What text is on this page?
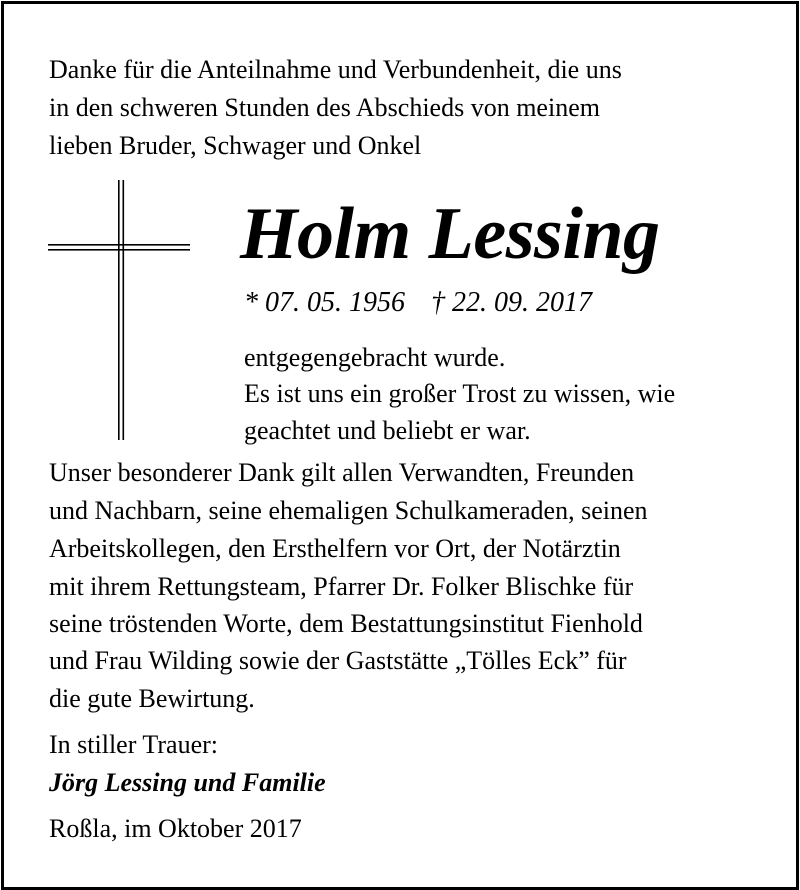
Danke für die Anteilnahme und Verbundenheit, die uns
in den schweren Stunden des Abschieds von meinem
lieben Bruder, Schwager und Onkel
Holm Lessing
* 07. 05. 1956 † 22. 09. 2017
entgegengebracht wurde.
Es ist uns ein großer Trost zu wissen, wie
geachtet und beliebt er war.
Unser besonderer Dank gilt allen Verwandten, Freunden
und Nachbarn, seine ehemaligen Schulkameraden, seinen
Arbeitskollegen, den Ersthelfern vor Ort, der Notärztin
mit ihrem Rettungsteam, Pfarrer Dr. Folker Blischke für
seine tröstenden Worte, dem Bestattungsinstitut Fienhold
und Frau Wilding sowie der Gaststätte „Tölles Eck” für
die gute Bewirtung.
In stiller Trauer:
Jörg Lessing und Familie
Roßla, im Oktober 2017
